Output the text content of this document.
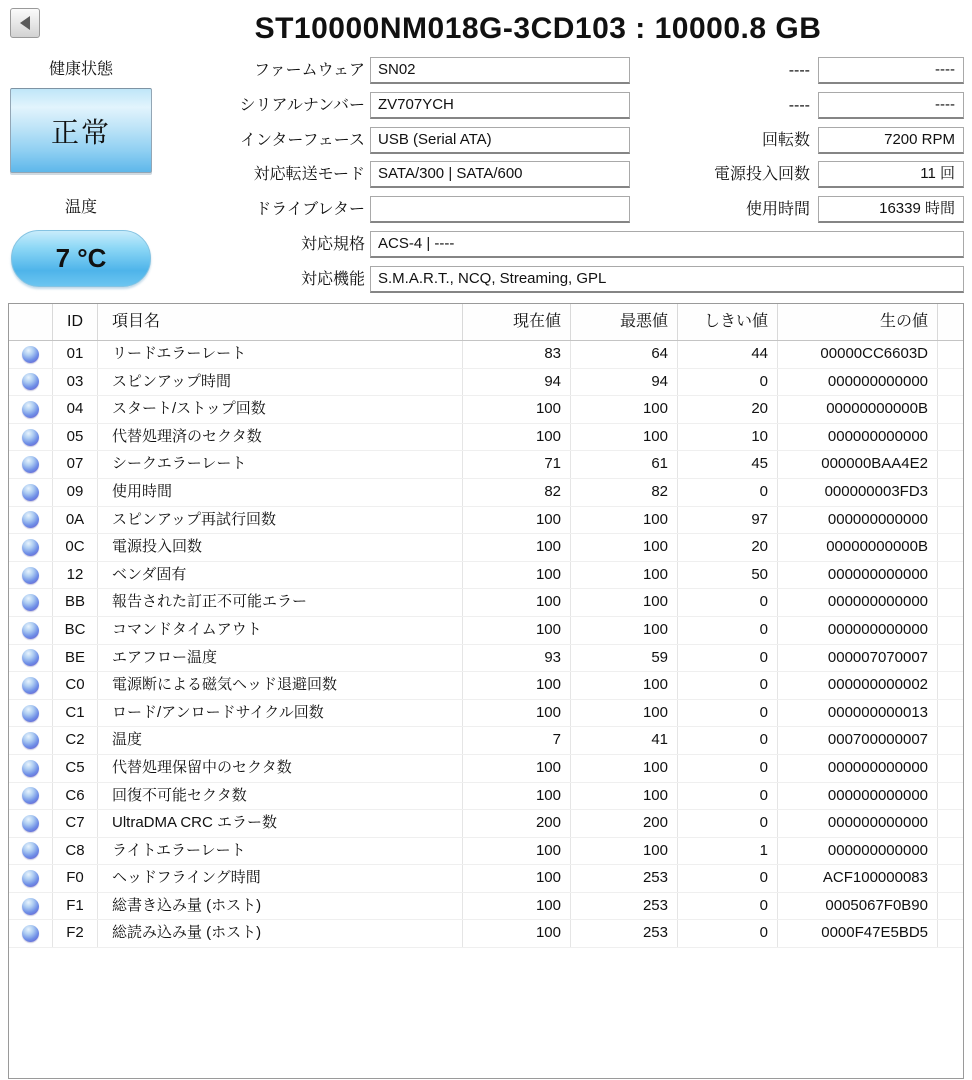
ST10000NM018G-3CD103 : 10000.8 GB
健康状態
正常
温度
7 °C
ファームウェア SN02
シリアルナンバー ZV707YCH
インターフェース USB (Serial ATA)
対応転送モード SATA/300 | SATA/600
ドライブレター
対応規格 ACS-4 | ----
対応機能 S.M.A.R.T., NCQ, Streaming, GPL
----	----
----	----
回転数	7200 RPM
電源投入回数	11 回
使用時間	16339 時間
ID	項目名	現在値	最悪値	しきい値	生の値
01	リードエラーレート	83	64	44	00000CC6603D
03	スピンアップ時間	94	94	0	000000000000
04	スタート/ストップ回数	100	100	20	00000000000B
05	代替処理済のセクタ数	100	100	10	000000000000
07	シークエラーレート	71	61	45	000000BAA4E2
09	使用時間	82	82	0	000000003FD3
0A	スピンアップ再試行回数	100	100	97	000000000000
0C	電源投入回数	100	100	20	00000000000B
12	ベンダ固有	100	100	50	000000000000
BB	報告された訂正不可能エラー	100	100	0	000000000000
BC	コマンドタイムアウト	100	100	0	000000000000
BE	エアフロー温度	93	59	0	000007070007
C0	電源断による磁気ヘッド退避回数	100	100	0	000000000002
C1	ロード/アンロードサイクル回数	100	100	0	000000000013
C2	温度	7	41	0	000700000007
C5	代替処理保留中のセクタ数	100	100	0	000000000000
C6	回復不可能セクタ数	100	100	0	000000000000
C7	UltraDMA CRC エラー数	200	200	0	000000000000
C8	ライトエラーレート	100	100	1	000000000000
F0	ヘッドフライング時間	100	253	0	ACF100000083
F1	総書き込み量 (ホスト)	100	253	0	0005067F0B90
F2	総読み込み量 (ホスト)	100	253	0	0000F47E5BD5
